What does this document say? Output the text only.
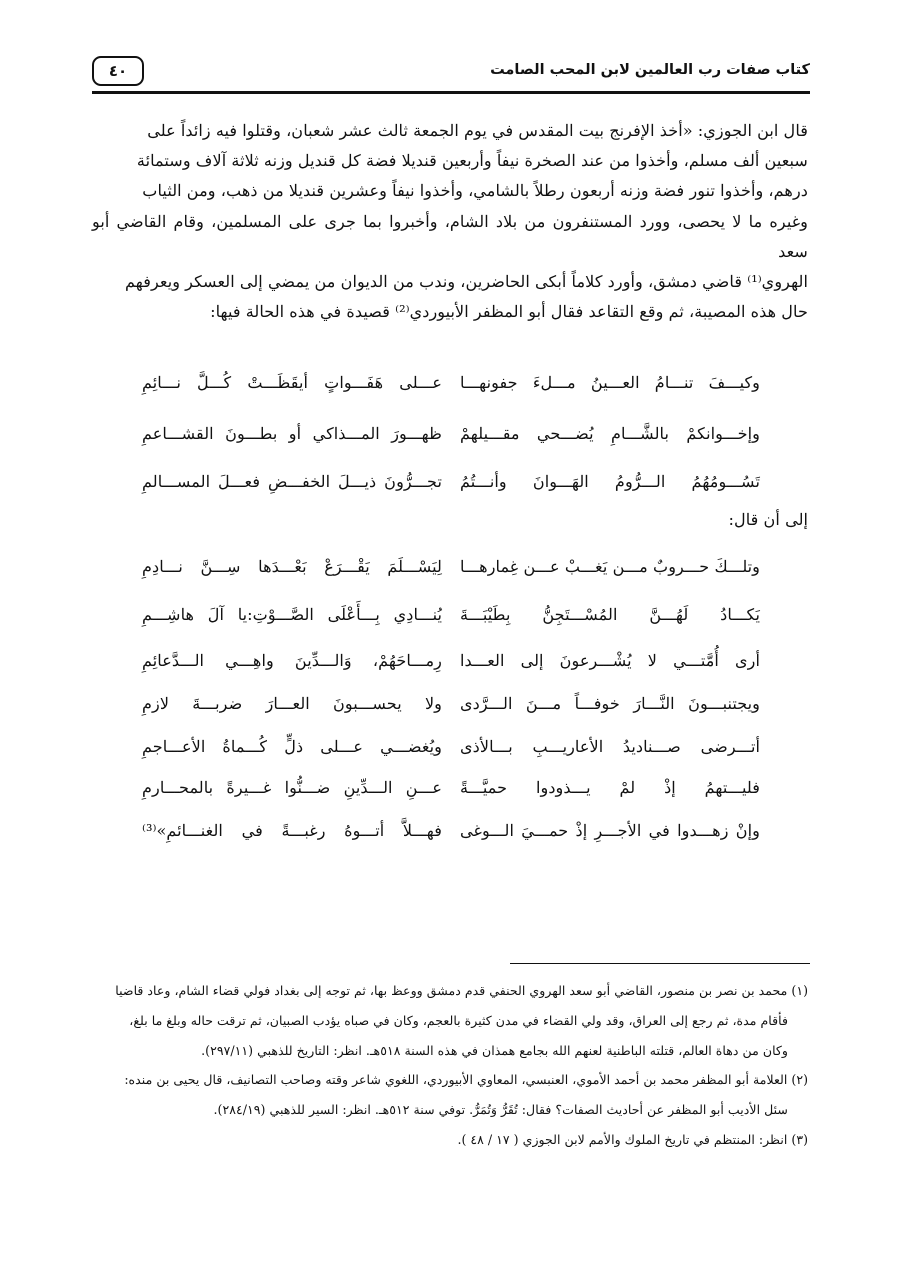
كتاب صفات رب العالمين لابن المحب الصامت
٤٠

قال ابن الجوزي: «أخذ الإفرنج بيت المقدس في يوم الجمعة ثالث عشر شعبان، وقتلوا فيه زائداً على

سبعين ألف مسلم، وأخذوا من عند الصخرة نيفاً وأربعين قنديلا فضة كل قنديل وزنه ثلاثة آلاف وستمائة

درهم، وأخذوا تنور فضة وزنه أربعون رطلاً بالشامي، وأخذوا نيفاً وعشرين قنديلا من ذهب، ومن الثياب

وغيره ما لا يحصى، وورد المستنفرون من بلاد الشام، وأخبروا بما جرى على المسلمين، وقام القاضي أبو سعد

الهروي⁽¹⁾ قاضي دمشق، وأورد كلاماً أبكى الحاضرين، وندب من الديوان من يمضي إلى العسكر ويعرفهم

حال هذه المصيبة، ثم وقع التقاعد فقال أبو المظفر الأبيوردي⁽²⁾ قصيدة في هذه الحالة فيها:

وكيـــفَ تنـــامُ العـــينُ مـــلءَ جفونهـــا
عـــلى هَفَـــواتٍ أيقَظَـــتْ كُـــلَّ نـــائِمِ
وإخـــوانكمْ بالشَّـــامِ يُضـــحي مقـــيلهمْ
ظهـــورَ المـــذاكي أو بطـــونَ القشـــاعمِ
تَسُـــومُهُمُ الـــرُّومُ الهَـــوانَ وأنـــتُمُ
تجـــرُّونَ ذيـــلَ الخفـــضِ فعـــلَ المســـالمِ
إلى أن قال:
وتلـــكَ حـــروبٌ مـــن يَغـــبْ عـــن غِمارهـــا
لِيَسْـــلَمَ يَقْـــرَعْ بَعْـــدَها سِـــنَّ نـــادِمِ
يَكـــادُ لَهُـــنَّ المُسْـــتَجِنُّ بِطَيْبَـــةَ
يُنـــادِي بِـــأَعْلَى الصَّـــوْتِ:يا آلَ هاشِـــمِ
أرى أُمَّتـــي لا يُشْـــرعونَ إلى العـــدا
رِمـــاحَهُمْ، وَالـــدِّينَ واهِـــي الـــدَّعائِمِ
ويجتنبـــونَ النَّـــارَ خوفـــاً مـــنَ الـــرَّدى
ولا يحســـبونَ العـــارَ ضربـــةَ لازمِ
أتـــرضى صـــناديدُ الأعاريـــبِ بـــالأذى
ويُغضـــي عـــلى ذلٍّ كُـــماةُ الأعـــاجمِ
فليـــتهمُ إذْ لمْ يـــذودوا حميَّـــةً
عـــنِ الـــدِّينِ ضـــنُّوا غـــيرةً بالمحـــارمِ
وإنْ زهـــدوا في الأجـــرِ إذْ حمـــيَ الـــوغى
فهـــلاَّ أتـــوهُ رغبـــةً في الغنـــائمِ»⁽³⁾

(١) محمد بن نصر بن منصور، القاضي أبو سعد الهروي الحنفي قدم دمشق ووعظ بها، ثم توجه إلى بغداد فولي قضاء الشام، وعاد قاضيا
فأقام مدة، ثم رجع إلى العراق، وقد ولي القضاء في مدن كثيرة بالعجم، وكان في صباه يؤدب الصبيان، ثم ترقت حاله وبلغ ما بلغ،
وكان من دهاة العالم، قتلته الباطنية لعنهم الله بجامع همذان في هذه السنة ٥١٨هـ. انظر: التاريخ للذهبي (٢٩٧/١١).

(٢) العلامة أبو المظفر محمد بن أحمد الأموي، العنبسي، المعاوي الأبيوردي، اللغوي شاعر وقته وصاحب التصانيف، قال يحيى بن منده:
سئل الأديب أبو المظفر عن أحاديث الصفات؟ فقال: تُقَرُّ وَتُمَرُّ. توفي سنة ٥١٢هـ. انظر: السير للذهبي (٢٨٤/١٩).

(٣) انظر: المنتظم في تاريخ الملوك والأمم لابن الجوزي ( ١٧ / ٤٨ ).
